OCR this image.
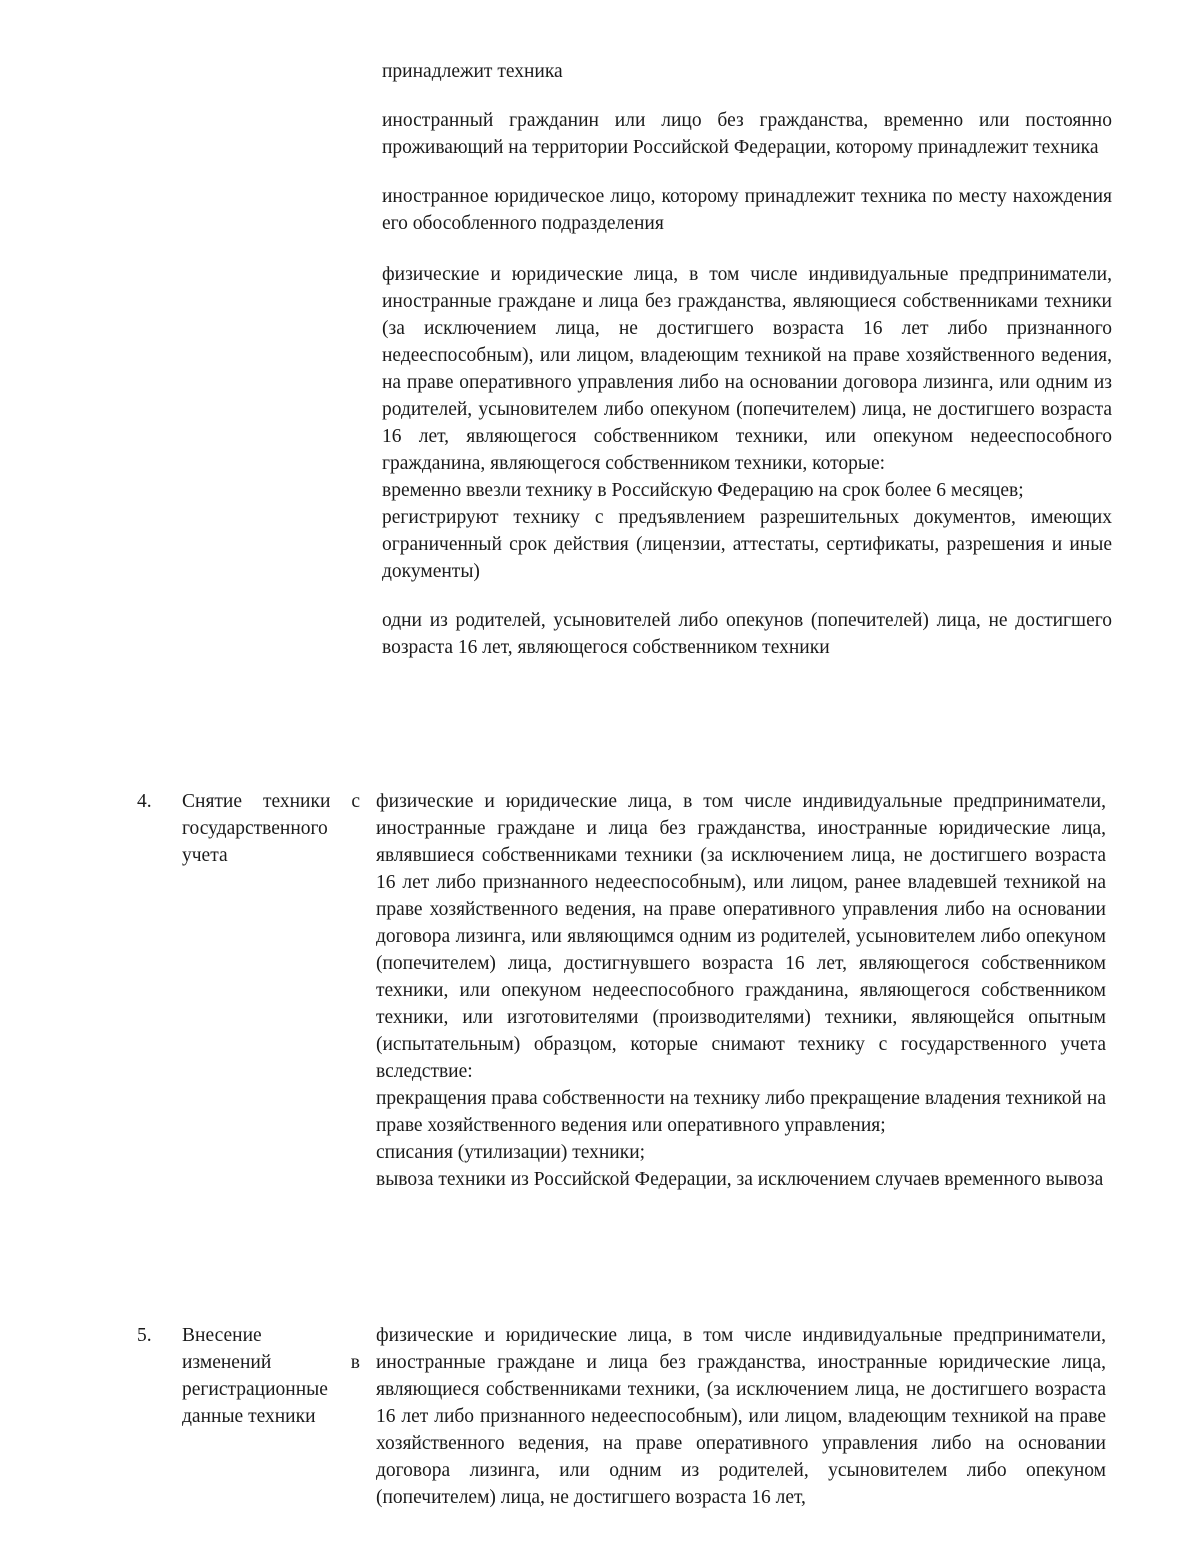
принадлежит техника

иностранный гражданин или лицо без гражданства, временно или постоянно проживающий на территории Российской Федерации, которому принадлежит техника

иностранное юридическое лицо, которому принадлежит техника по месту нахождения его обособленного подразделения

физические и юридические лица, в том числе индивидуальные предприниматели, иностранные граждане и лица без гражданства, являющиеся собственниками техники (за исключением лица, не достигшего возраста 16 лет либо признанного недееспособным), или лицом, владеющим техникой на праве хозяйственного ведения, на праве оперативного управления либо на основании договора лизинга, или одним из родителей, усыновителем либо опекуном (попечителем) лица, не достигшего возраста 16 лет, являющегося собственником техники, или опекуном недееспособного гражданина, являющегося собственником техники, которые:

временно ввезли технику в Российскую Федерацию на срок более 6 месяцев;

регистрируют технику с предъявлением разрешительных документов, имеющих ограниченный срок действия (лицензии, аттестаты, сертификаты, разрешения и иные документы)

одни из родителей, усыновителей либо опекунов (попечителей) лица, не достигшего возраста 16 лет, являющегося собственником техники

4.	Снятие техники с
государственного
учета

физические и юридические лица, в том числе индивидуальные предприниматели, иностранные граждане и лица без гражданства, иностранные юридические лица, являвшиеся собственниками техники (за исключением лица, не достигшего возраста 16 лет либо признанного недееспособным), или лицом, ранее владевшей техникой на праве хозяйственного ведения, на праве оперативного управления либо на основании договора лизинга, или являющимся одним из родителей, усыновителем либо опекуном (попечителем) лица, достигнувшего возраста 16 лет, являющегося собственником техники, или опекуном недееспособного гражданина, являющегося собственником техники, или изготовителями (производителями) техники, являющейся опытным (испытательным) образцом, которые снимают технику с государственного учета вследствие:

прекращения права собственности на технику либо прекращение владения техникой на праве хозяйственного ведения или оперативного управления;

списания (утилизации) техники;

вывоза техники из Российской Федерации, за исключением случаев временного вывоза

5.	Внесение
изменений в
регистрационные
данные техники

физические и юридические лица, в том числе индивидуальные предприниматели, иностранные граждане и лица без гражданства, иностранные юридические лица, являющиеся собственниками техники, (за исключением лица, не достигшего возраста 16 лет либо признанного недееспособным), или лицом, владеющим техникой на праве хозяйственного ведения, на праве оперативного управления либо на основании договора лизинга, или одним из родителей, усыновителем либо опекуном (попечителем) лица, не достигшего возраста 16 лет,
